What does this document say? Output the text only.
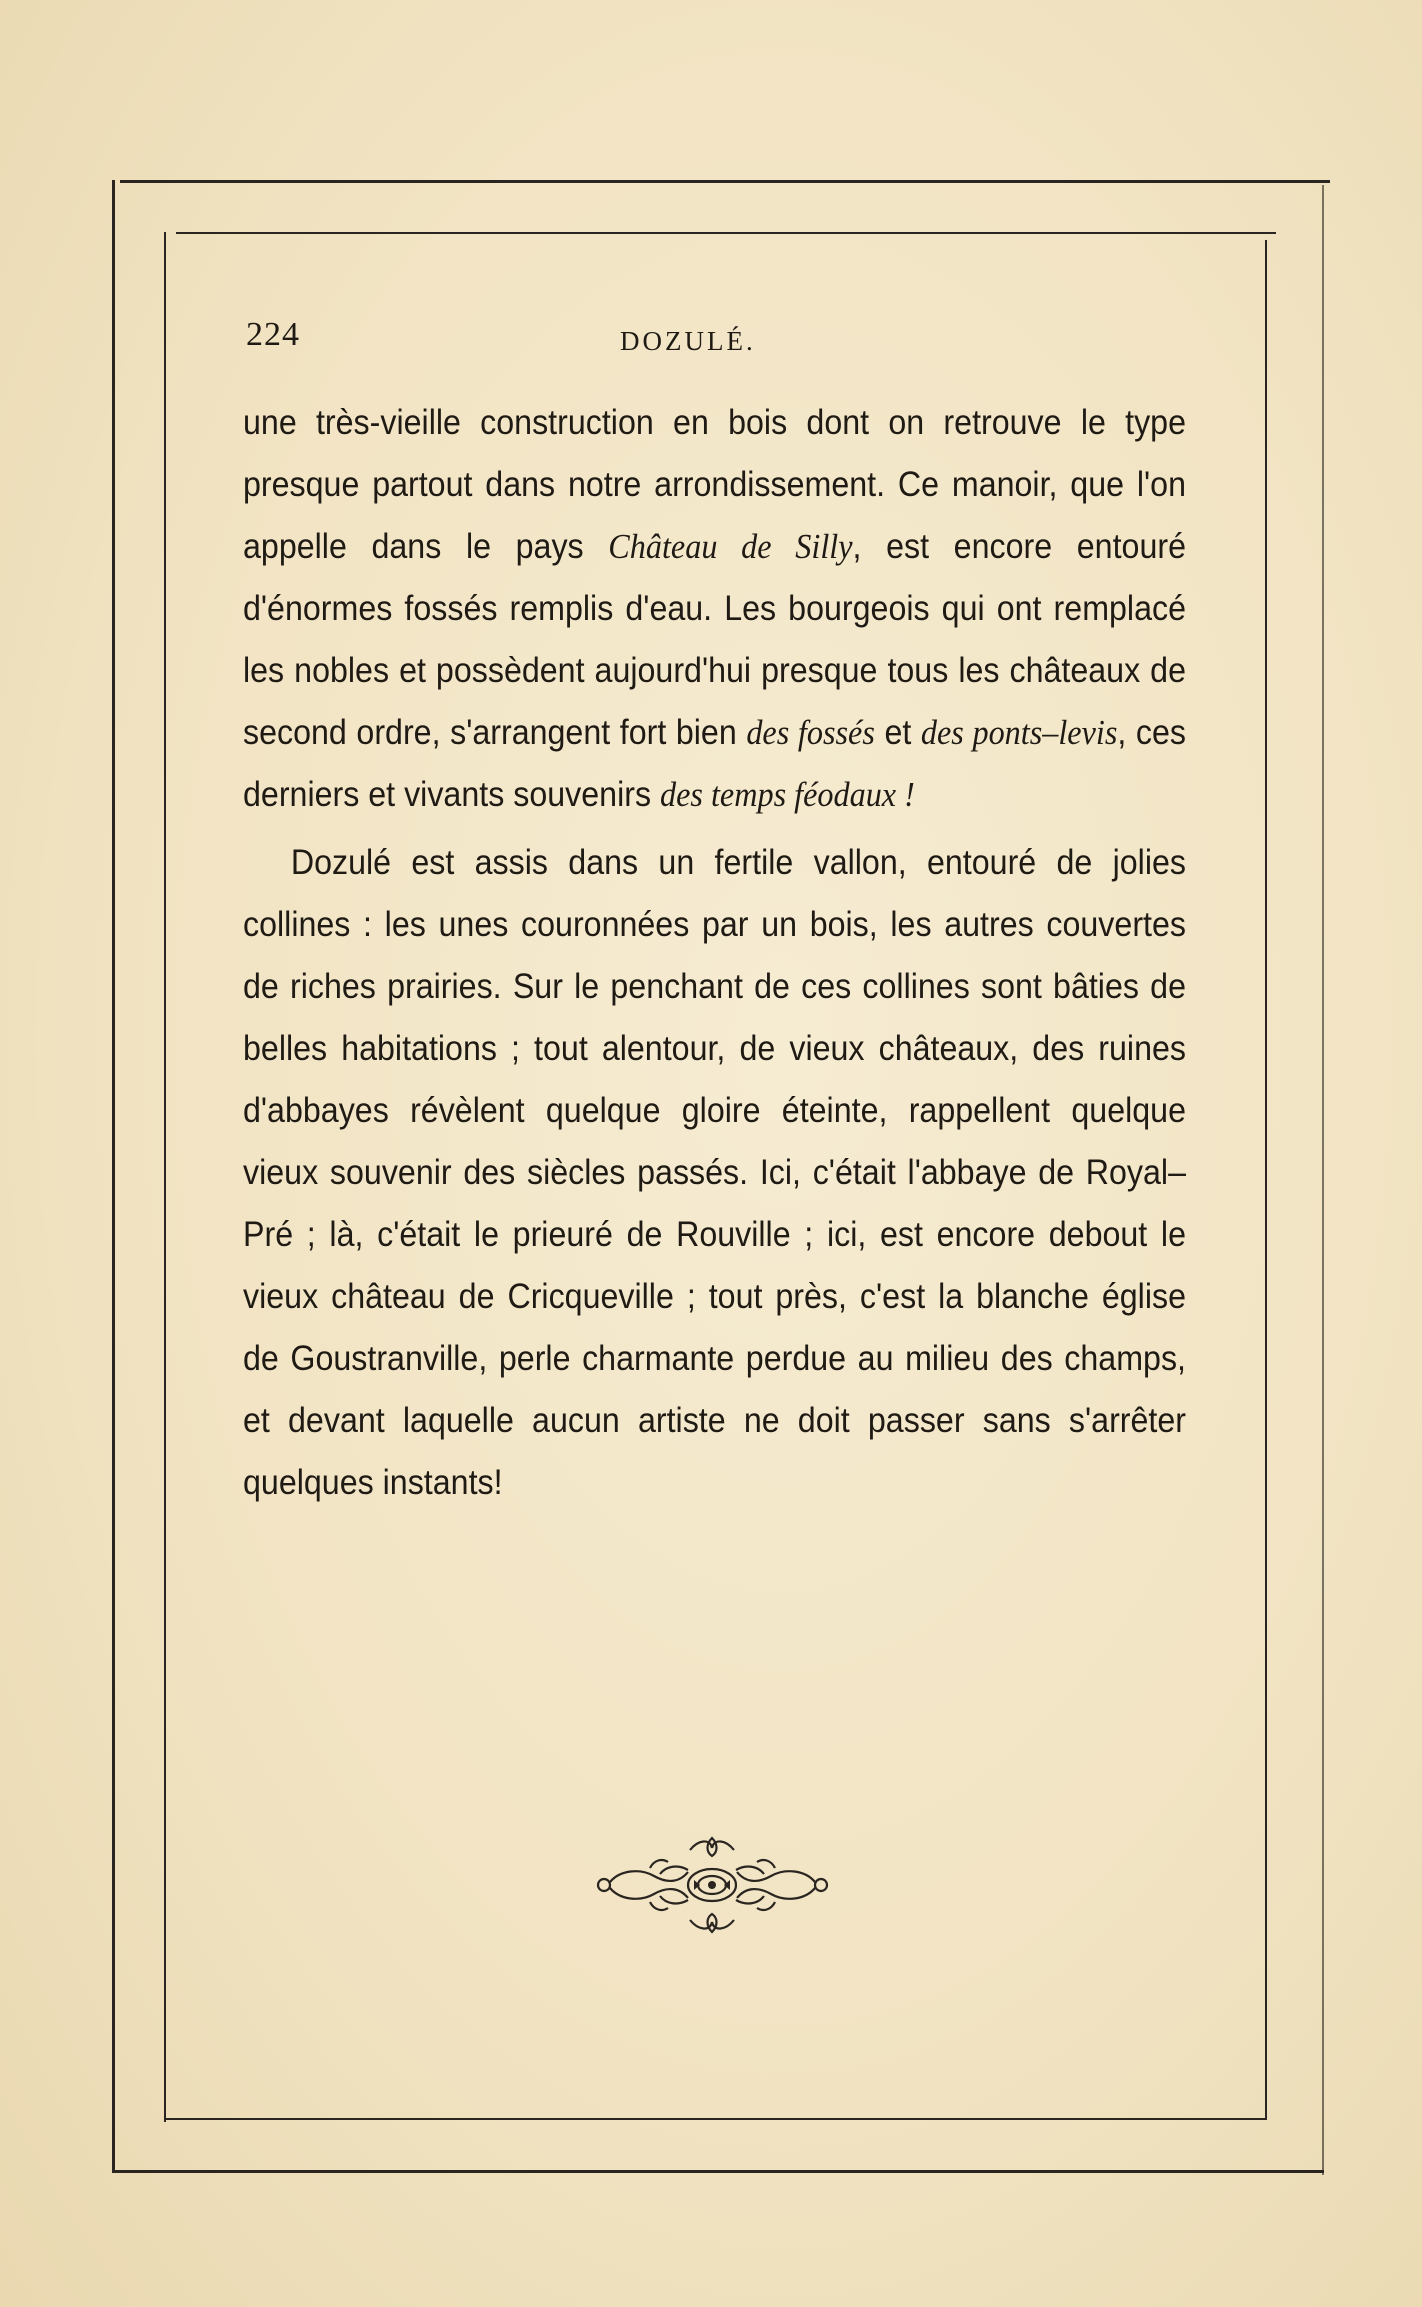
224	DOZULÉ.

une très-vieille construction en bois dont on retrouve le type presque partout dans notre arrondissement. Ce manoir, que l'on appelle dans le pays Château de Silly, est encore entouré d'énormes fossés remplis d'eau. Les bourgeois qui ont remplacé les nobles et possèdent aujourd'hui presque tous les châteaux de second ordre, s'arrangent fort bien des fossés et des ponts–levis, ces derniers et vivants souvenirs des temps féodaux !

Dozulé est assis dans un fertile vallon, entouré de jolies collines : les unes couronnées par un bois, les autres couvertes de riches prairies. Sur le penchant de ces collines sont bâties de belles habitations ; tout alentour, de vieux châteaux, des ruines d'abbayes révèlent quelque gloire éteinte, rappellent quelque vieux souvenir des siècles passés. Ici, c'était l'abbaye de Royal–Pré ; là, c'était le prieuré de Rouville ; ici, est encore debout le vieux château de Cricqueville ; tout près, c'est la blanche église de Goustranville, perle charmante perdue au milieu des champs, et devant laquelle aucun artiste ne doit passer sans s'arrêter quelques instants!
